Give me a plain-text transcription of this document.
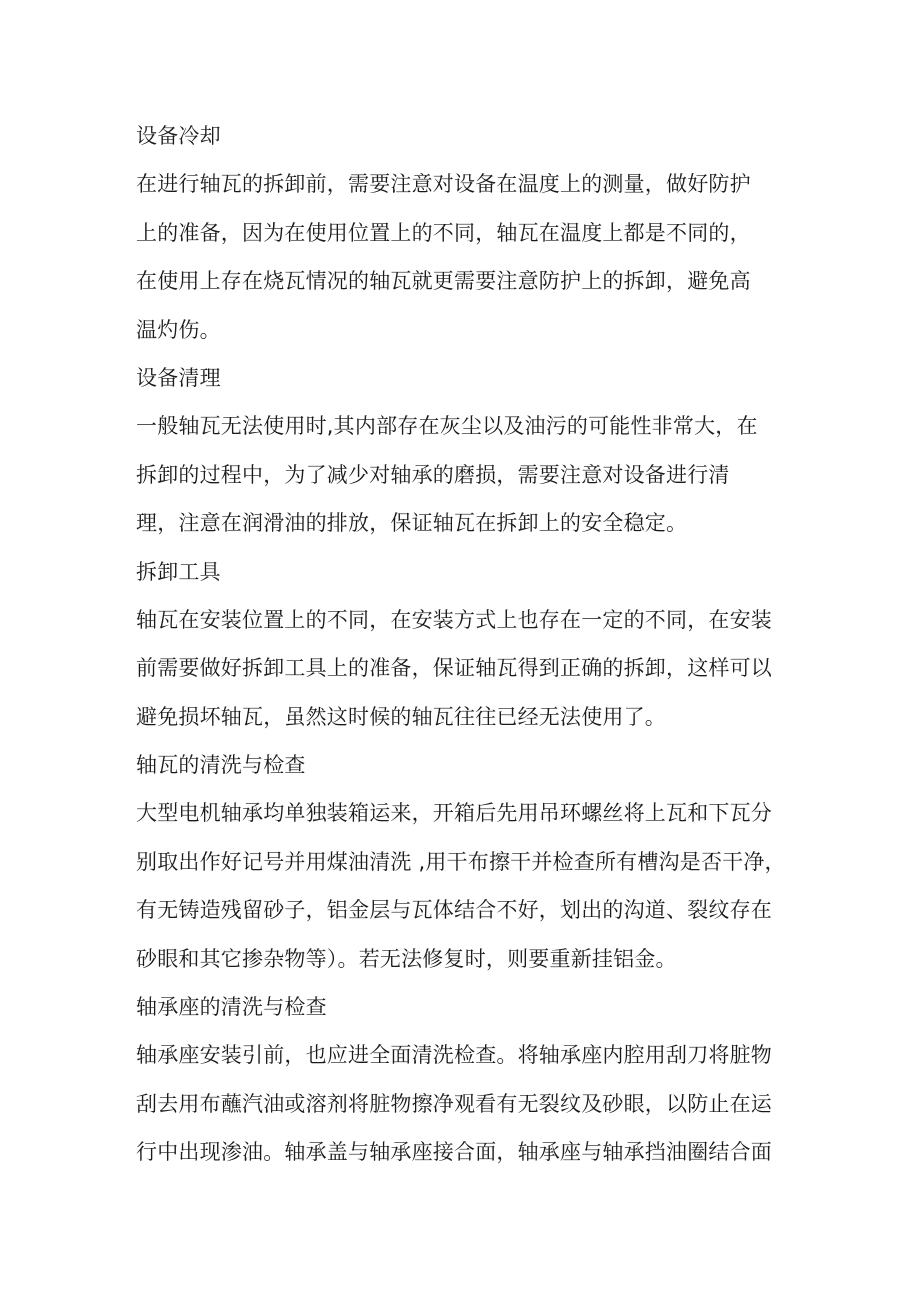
设备冷却
在进行轴瓦的拆卸前，需要注意对设备在温度上的测量，做好防护
上的准备，因为在使用位置上的不同，轴瓦在温度上都是不同的，
在使用上存在烧瓦情况的轴瓦就更需要注意防护上的拆卸，避免高
温灼伤。
设备清理
一般轴瓦无法使用时,其内部存在灰尘以及油污的可能性非常大，在
拆卸的过程中，为了减少对轴承的磨损，需要注意对设备进行清
理，注意在润滑油的排放，保证轴瓦在拆卸上的安全稳定。
拆卸工具
轴瓦在安装位置上的不同，在安装方式上也存在一定的不同，在安装
前需要做好拆卸工具上的准备，保证轴瓦得到正确的拆卸，这样可以
避免损坏轴瓦，虽然这时候的轴瓦往往已经无法使用了。
轴瓦的清洗与检查
大型电机轴承均单独装箱运来，开箱后先用吊环螺丝将上瓦和下瓦分
别取出作好记号并用煤油清洗 ,用干布擦干并检查所有槽沟是否干净，
有无铸造残留砂子，铝金层与瓦体结合不好，划出的沟道、裂纹存在
砂眼和其它掺杂物等）。若无法修复时，则要重新挂铝金。
轴承座的清洗与检查
轴承座安装引前，也应进全面清洗检查。将轴承座内腔用刮刀将脏物
刮去用布蘸汽油或溶剂将脏物擦净观看有无裂纹及砂眼，以防止在运
行中出现渗油。轴承盖与轴承座接合面，轴承座与轴承挡油圈结合面
